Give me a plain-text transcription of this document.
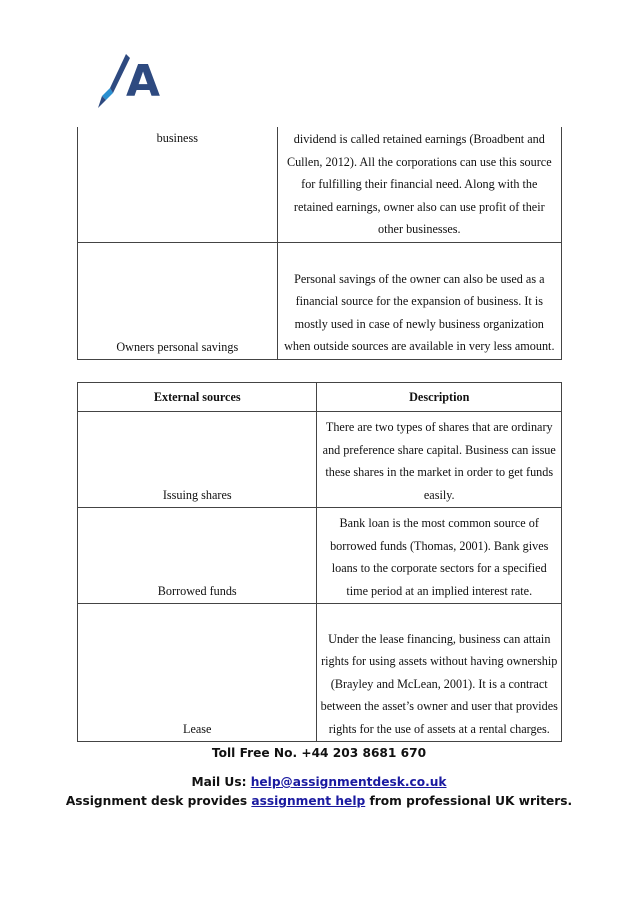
A
business	dividend is called retained earnings (Broadbent and Cullen, 2012). All the corporations can use this source for fulfilling their financial need. Along with the retained earnings, owner also can use profit of their other businesses.
Owners personal savings	Personal savings of the owner can also be used as a financial source for the expansion of business. It is mostly used in case of newly business organization when outside sources are available in very less amount.
External sources	Description
Issuing shares	There are two types of shares that are ordinary and preference share capital. Business can issue these shares in the market in order to get funds easily.
Borrowed funds	Bank loan is the most common source of borrowed funds (Thomas, 2001). Bank gives loans to the corporate sectors for a specified time period at an implied interest rate.
Lease	Under the lease financing, business can attain rights for using assets without having ownership (Brayley and McLean, 2001). It is a contract between the asset’s owner and user that provides rights for the use of assets at a rental charges.
Toll Free No. +44 203 8681 670
Mail Us: help@assignmentdesk.co.uk
Assignment desk provides assignment help from professional UK writers.
